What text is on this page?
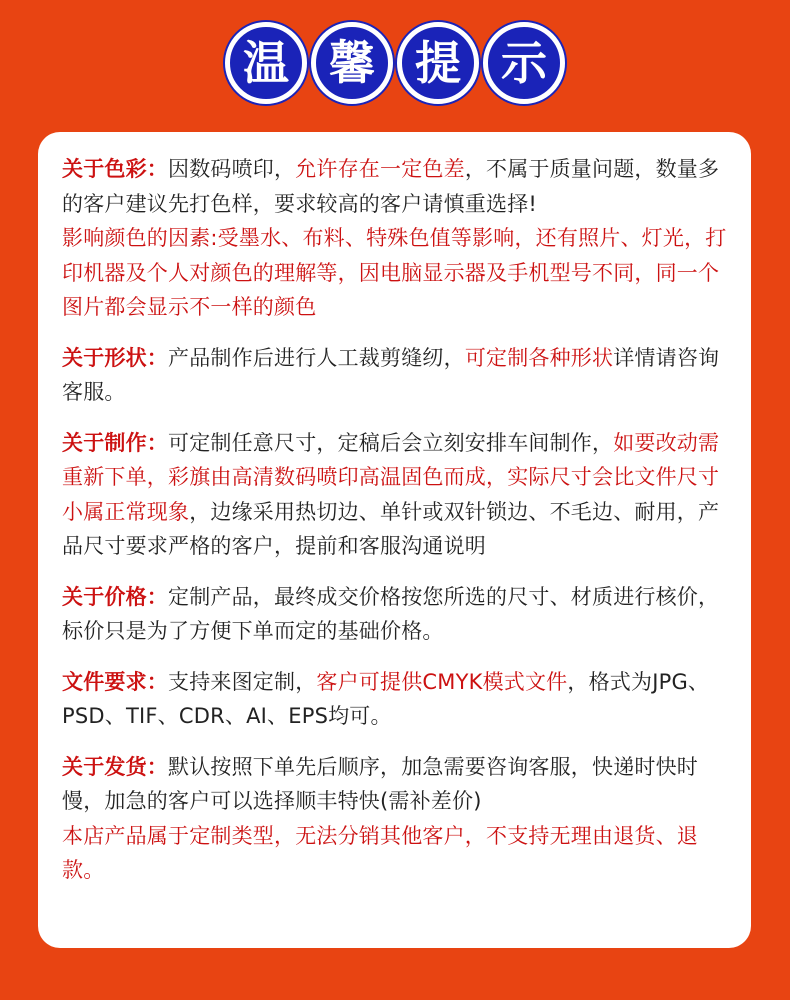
温 馨 提 示

关于色彩：因数码喷印，允许存在一定色差，不属于质量问题，数量多的客户建议先打色样，要求较高的客户请慎重选择!
影响颜色的因素:受墨水、布料、特殊色值等影响，还有照片、灯光，打印机器及个人对颜色的理解等，因电脑显示器及手机型号不同，同一个图片都会显示不一样的颜色

关于形状：产品制作后进行人工裁剪缝纫，可定制各种形状详情请咨询客服。

关于制作：可定制任意尺寸，定稿后会立刻安排车间制作，如要改动需重新下单，彩旗由高清数码喷印高温固色而成，实际尺寸会比文件尺寸小属正常现象，边缘采用热切边、单针或双针锁边、不毛边、耐用，产品尺寸要求严格的客户，提前和客服沟通说明

关于价格：定制产品，最终成交价格按您所选的尺寸、材质进行核价，标价只是为了方便下单而定的基础价格。

文件要求：支持来图定制，客户可提供CMYK模式文件，格式为JPG、PSD、TIF、CDR、AI、EPS均可。

关于发货：默认按照下单先后顺序，加急需要咨询客服，快递时快时慢，加急的客户可以选择顺丰特快(需补差价)
本店产品属于定制类型，无法分销其他客户，不支持无理由退货、退款。
